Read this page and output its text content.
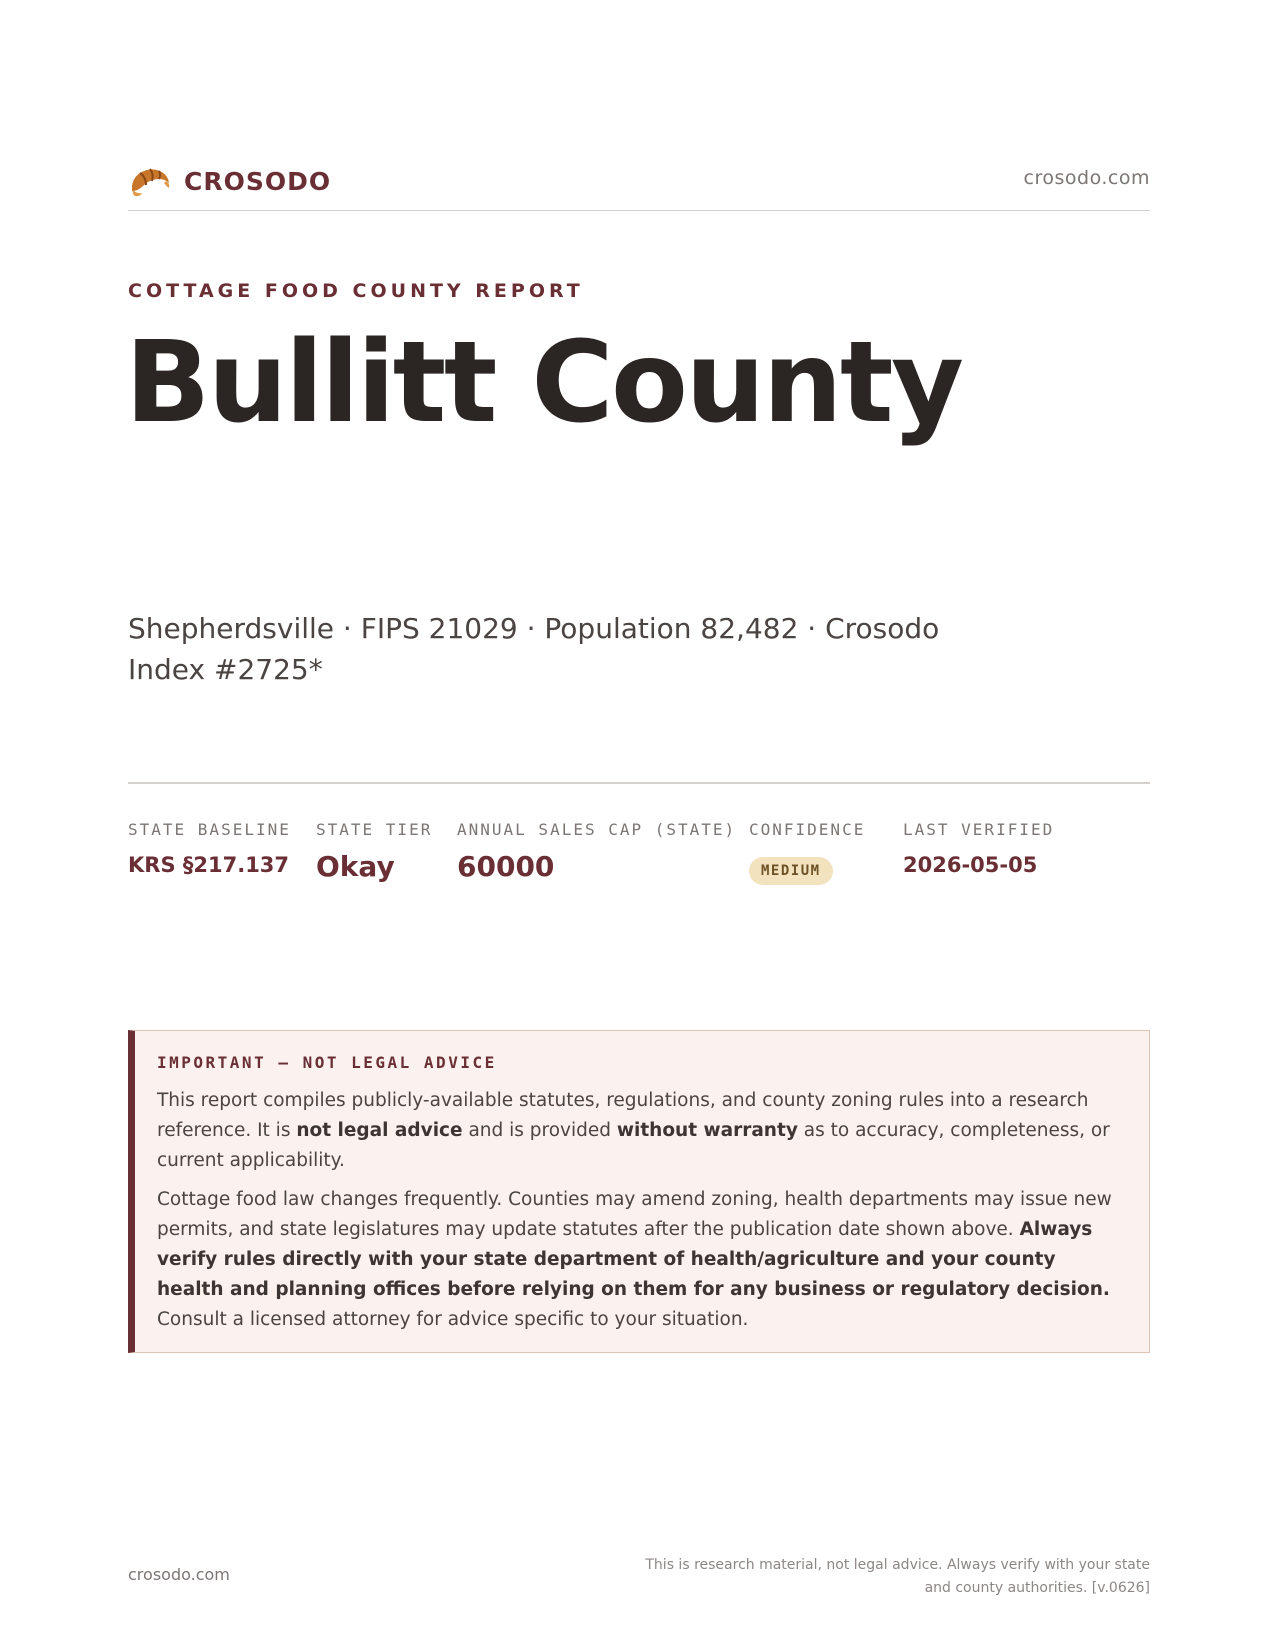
CROSODO	crosodo.com
COTTAGE FOOD COUNTY REPORT
Bullitt County
Shepherdsville · FIPS 21029 · Population 82,482 · Crosodo Index #2725*
STATE BASELINE
KRS §217.137
STATE TIER
Okay
ANNUAL SALES CAP (STATE)
60000
CONFIDENCE
MEDIUM
LAST VERIFIED
2026-05-05
IMPORTANT — NOT LEGAL ADVICE

This report compiles publicly-available statutes, regulations, and county zoning rules into a research reference. It is not legal advice and is provided without warranty as to accuracy, completeness, or current applicability.

Cottage food law changes frequently. Counties may amend zoning, health departments may issue new permits, and state legislatures may update statutes after the publication date shown above. Always verify rules directly with your state department of health/agriculture and your county health and planning offices before relying on them for any business or regulatory decision. Consult a licensed attorney for advice specific to your situation.

crosodo.com	This is research material, not legal advice. Always verify with your state
and county authorities. [v.0626]
